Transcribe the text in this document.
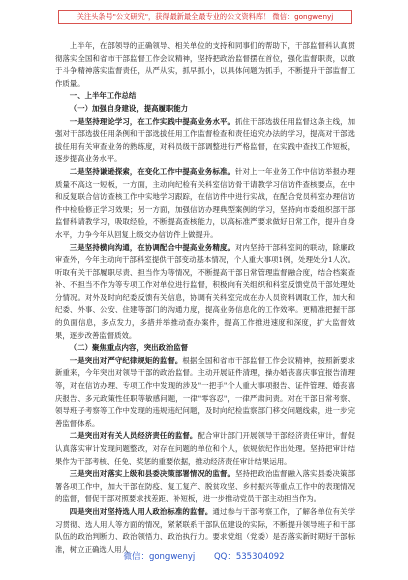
关注头条号"公文研究"，获得最新最全最专业的公文资料库！ 微信：gongwenyj

上半年，在部领导的正确领导、相关单位的支持和同事们的帮助下，干部监督科认真贯彻落实全国和省市干部监督工作会议精神，坚持把政治监督摆在首位，强化监督职责，以敢于斗争精神落实监督责任，从严从实，抓早抓小，以具体问题为抓手，不断提升干部监督工作质量。

一、上半年工作总结

（一）加强自身建设，提高履职能力

一是坚持理论学习，在工作实践中提高业务水平。抓住干部选拔任用监督这条主线，加强对干部选拔任用条例和干部选拔任用工作监督检查和责任追究办法的学习，提高对干部选拔任用有关审查业务的熟练度，对科员级干部调整进行严格监督，在实践中查找工作短板，逐步提高业务水平。

二是坚持谦逊探索，在变化工作中提高业务标准。针对上一年业务工作中信访举报办理质量不高这一短板，一方面，主动向纪检有关科室信访骨干请教学习信访件查核要点，在中和反复联合信访查核工作中实地学习跟踪，在信访件中进行实战，在配合党员科室办理信访件中检验修正学习效果；另一方面，加强信访办理典型案例的学习，坚持向市委组织部干部监督科请教学习，吸取经验，不断提高查核能力，以高标准严要求做好日常工作，提升自身水平，力争今年从回复上级交办信访件上做提升。

三是坚持横向沟通，在协调配合中提高业务精度。对内坚持干部科室间的联动，除廉政审查外，今年主动向干部科室提供干部变动基本情况，个人重大事项1例，处理处分1人次。听取有关干部履职尽责、担当作为等情况，不断提高干部日常管理监督融合度，结合档案查补、不担当不作为等专项工作对单位进行监督，积极向有关组织和科室反馈党员干部处理处分情况。对外及时向纪委反馈有关信息，协调有关科室完成在办人员资料调取工作，加大和纪委、外事、公安、住建等部门的沟通力度，提高业务信息化的工作效率。更精准把握干部的负面信息，多点发力，多措并举推动查办案件，提高工作推进速度和深度，扩大监督效果，逐步改善监督质效。

（二）聚焦重点内容，突出政治监督

一是突出对严守纪律规矩的监督。根据全国和省市干部监督工作会议精神，按照新要求新重来，今年突出对领导干部的政治监督。主动开展证件清理，操办婚丧喜庆事宜报告清理等，对在信访办理、专项工作中发现的涉及"一把手"个人重大事项报告、证件管理、婚丧喜庆报告、多元政策性任职等敏感问题，一律"零容忍"，一律严肃问责。对在干部日常考察、领导班子考察等工作中发现的违规违纪问题，及时向纪检监察部门移交问题线索，进一步完善监督体系。

二是突出对有关人员经济责任的监督。配合审计部门开展领导干部经济责任审计，督促认真落实审计发现问题整改，对存在问题的单位和个人，依规依纪作出处理。坚持把审计结果作为干部考核、任免、奖惩的重要依据，推动经济责任审计结果运用。

三是突出对落实上级和县委决策部署情况的监督。坚持把政治监督融入落实县委决策部署各项工作中，加大干部在防疫、复工复产、脱贫攻坚、乡村振兴等重点工作中的表现情况的监督，督促干部对照要求找差距、补短板，进一步推动党员干部主动担当作为。

四是突出对坚持选人用人政治标准的监督。通过参与干部考察工作，了解各单位有关学习贯彻、选人用人等方面的情况，紧紧联系干部队伍建设的实际，不断提升领导班子和干部队伍的政治判断力、政治领悟力、政治执行力。要求党组（党委）是否落实新时期好干部标准，树立正确选人用人

微信：gongwenyj QQ：535304092
